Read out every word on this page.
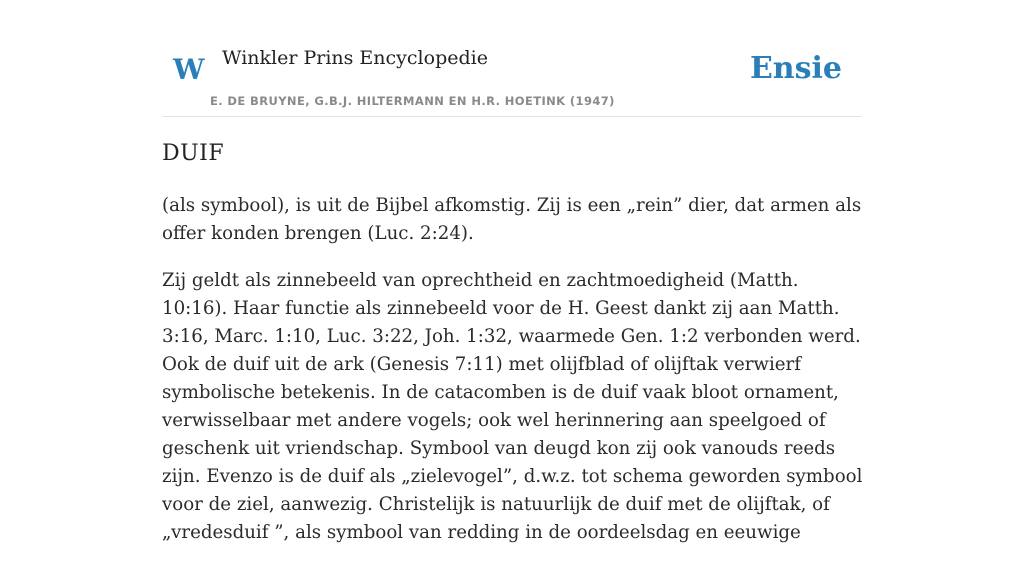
W Winkler Prins Encyclopedie
E. DE BRUYNE, G.B.J. HILTERMANN EN H.R. HOETINK (1947)
Ensie
DUIF

(als symbool), is uit de Bijbel afkomstig. Zij is een „rein” dier, dat armen als offer konden brengen (Luc. 2:24).

Zij geldt als zinnebeeld van oprechtheid en zachtmoedigheid (Matth. 10:16). Haar functie als zinnebeeld voor de H. Geest dankt zij aan Matth. 3:16, Marc. 1:10, Luc. 3:22, Joh. 1:32, waarmede Gen. 1:2 verbonden werd. Ook de duif uit de ark (Genesis 7:11) met olijfblad of olijftak verwierf symbolische betekenis. In de catacomben is de duif vaak bloot ornament, verwisselbaar met andere vogels; ook wel herinnering aan speelgoed of geschenk uit vriendschap. Symbool van deugd kon zij ook vanouds reeds zijn. Evenzo is de duif als „zielevogel”, d.w.z. tot schema geworden symbool voor de ziel, aanwezig. Christelijk is natuurlijk de duif met de olijftak, of „vredesduif ”, als symbool van redding in de oordeelsdag en eeuwige
